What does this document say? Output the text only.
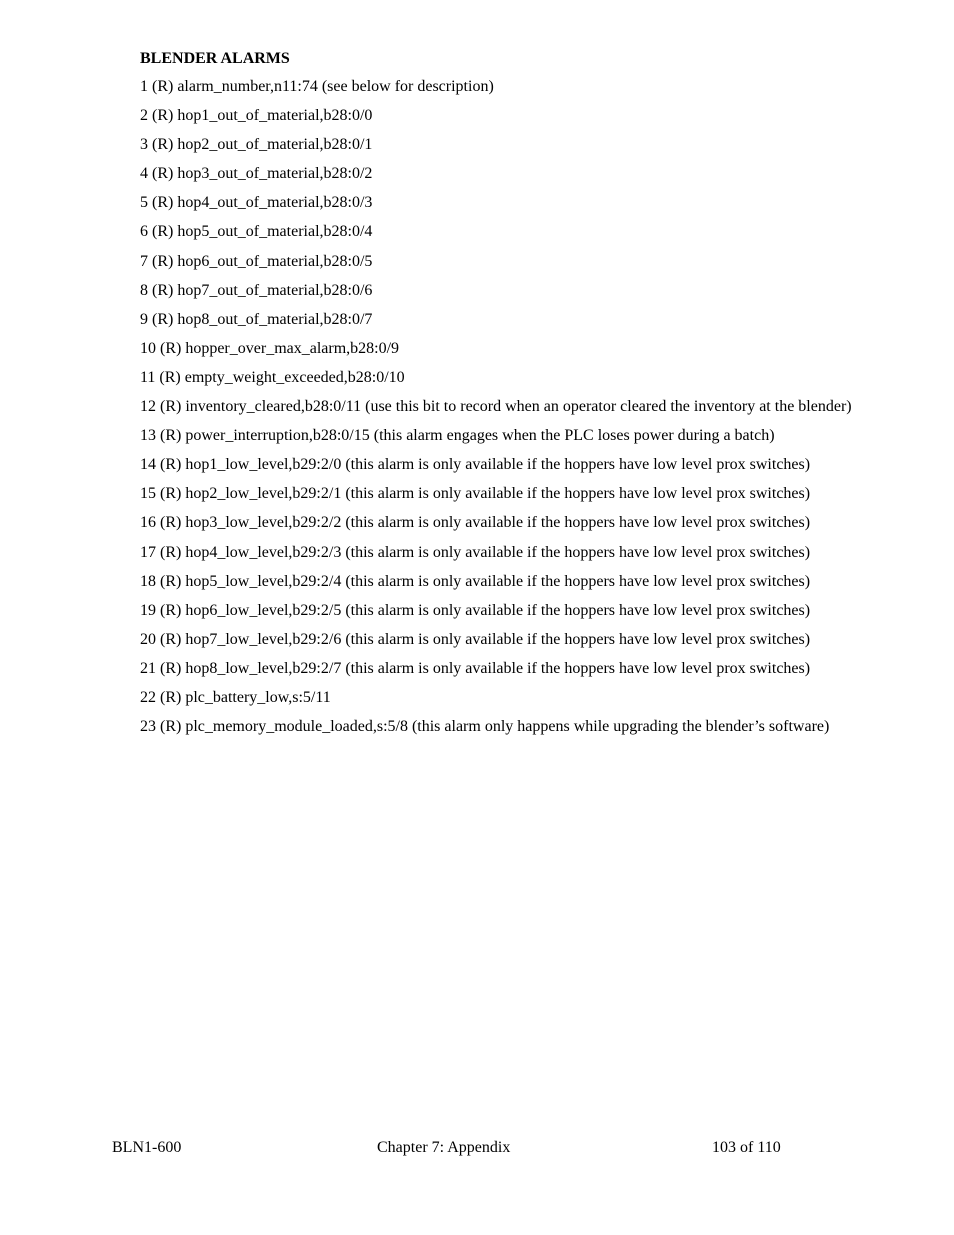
BLENDER ALARMS
1 (R) alarm_number,n11:74 (see below for description)
2 (R) hop1_out_of_material,b28:0/0
3 (R) hop2_out_of_material,b28:0/1
4 (R) hop3_out_of_material,b28:0/2
5 (R) hop4_out_of_material,b28:0/3
6 (R) hop5_out_of_material,b28:0/4
7 (R) hop6_out_of_material,b28:0/5
8 (R) hop7_out_of_material,b28:0/6
9 (R) hop8_out_of_material,b28:0/7
10 (R) hopper_over_max_alarm,b28:0/9
11 (R) empty_weight_exceeded,b28:0/10
12 (R) inventory_cleared,b28:0/11 (use this bit to record when an operator cleared the inventory at the blender)
13 (R) power_interruption,b28:0/15 (this alarm engages when the PLC loses power during a batch)
14 (R) hop1_low_level,b29:2/0 (this alarm is only available if the hoppers have low level prox switches)
15 (R) hop2_low_level,b29:2/1 (this alarm is only available if the hoppers have low level prox switches)
16 (R) hop3_low_level,b29:2/2 (this alarm is only available if the hoppers have low level prox switches)
17 (R) hop4_low_level,b29:2/3 (this alarm is only available if the hoppers have low level prox switches)
18 (R) hop5_low_level,b29:2/4 (this alarm is only available if the hoppers have low level prox switches)
19 (R) hop6_low_level,b29:2/5 (this alarm is only available if the hoppers have low level prox switches)
20 (R) hop7_low_level,b29:2/6 (this alarm is only available if the hoppers have low level prox switches)
21 (R) hop8_low_level,b29:2/7 (this alarm is only available if the hoppers have low level prox switches)
22 (R) plc_battery_low,s:5/11
23 (R) plc_memory_module_loaded,s:5/8 (this alarm only happens while upgrading the blender’s software)
BLN1-600	Chapter 7: Appendix	103 of 110
